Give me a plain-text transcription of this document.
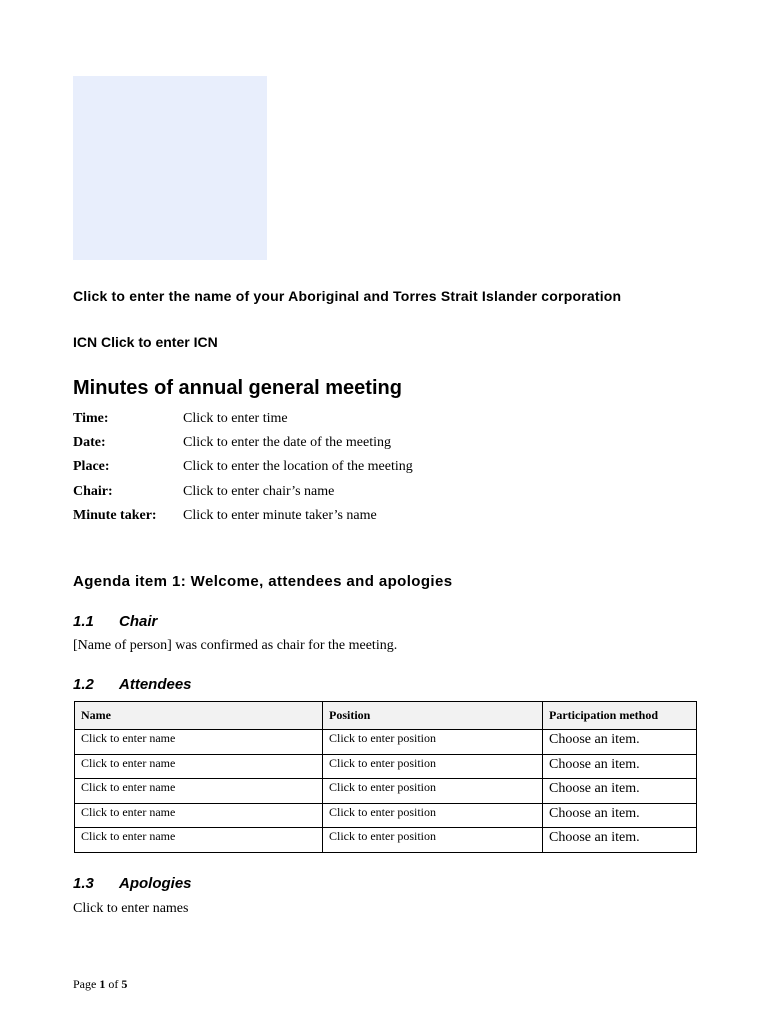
Click to enter the name of your Aboriginal and Torres Strait Islander corporation
ICN Click to enter ICN
Minutes of annual general meeting
Time:	Click to enter time
Date:	Click to enter the date of the meeting
Place:	Click to enter the location of the meeting
Chair:	Click to enter chair’s name
Minute taker: Click to enter minute taker’s name
Agenda item 1: Welcome, attendees and apologies
1.1 Chair
[Name of person] was confirmed as chair for the meeting.
1.2 Attendees
Name	Position	Participation method
Click to enter name	Click to enter position	Choose an item.
Click to enter name	Click to enter position	Choose an item.
Click to enter name	Click to enter position	Choose an item.
Click to enter name	Click to enter position	Choose an item.
Click to enter name	Click to enter position	Choose an item.
1.3 Apologies
Click to enter names
Page 1 of 5
